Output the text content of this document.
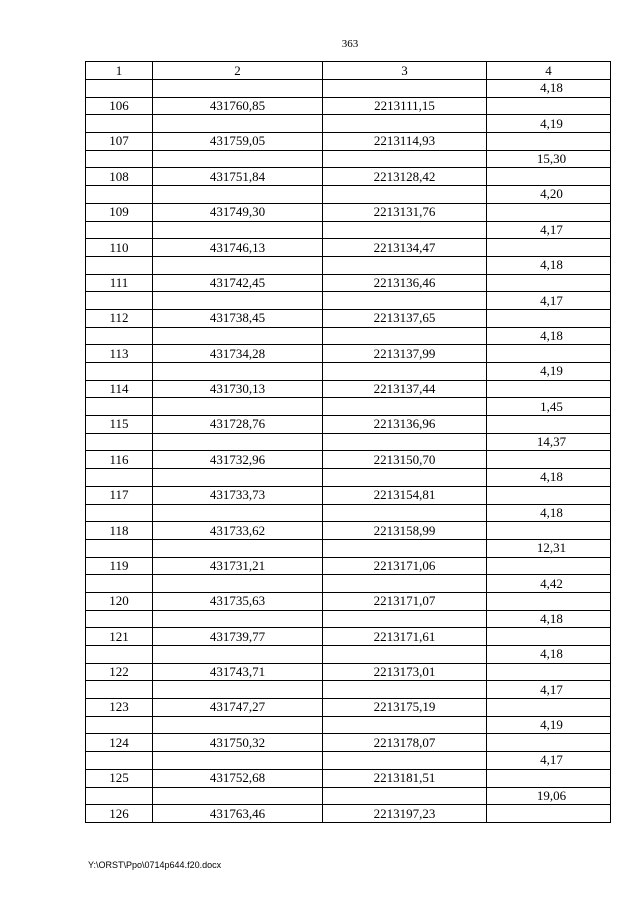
363
1	2	3	4
			4,18
106	431760,85	2213111,15	
			4,19
107	431759,05	2213114,93	
			15,30
108	431751,84	2213128,42	
			4,20
109	431749,30	2213131,76	
			4,17
110	431746,13	2213134,47	
			4,18
111	431742,45	2213136,46	
			4,17
112	431738,45	2213137,65	
			4,18
113	431734,28	2213137,99	
			4,19
114	431730,13	2213137,44	
			1,45
115	431728,76	2213136,96	
			14,37
116	431732,96	2213150,70	
			4,18
117	431733,73	2213154,81	
			4,18
118	431733,62	2213158,99	
			12,31
119	431731,21	2213171,06	
			4,42
120	431735,63	2213171,07	
			4,18
121	431739,77	2213171,61	
			4,18
122	431743,71	2213173,01	
			4,17
123	431747,27	2213175,19	
			4,19
124	431750,32	2213178,07	
			4,17
125	431752,68	2213181,51	
			19,06
126	431763,46	2213197,23	
Y:\ORST\Ppo\0714p644.f20.docx
